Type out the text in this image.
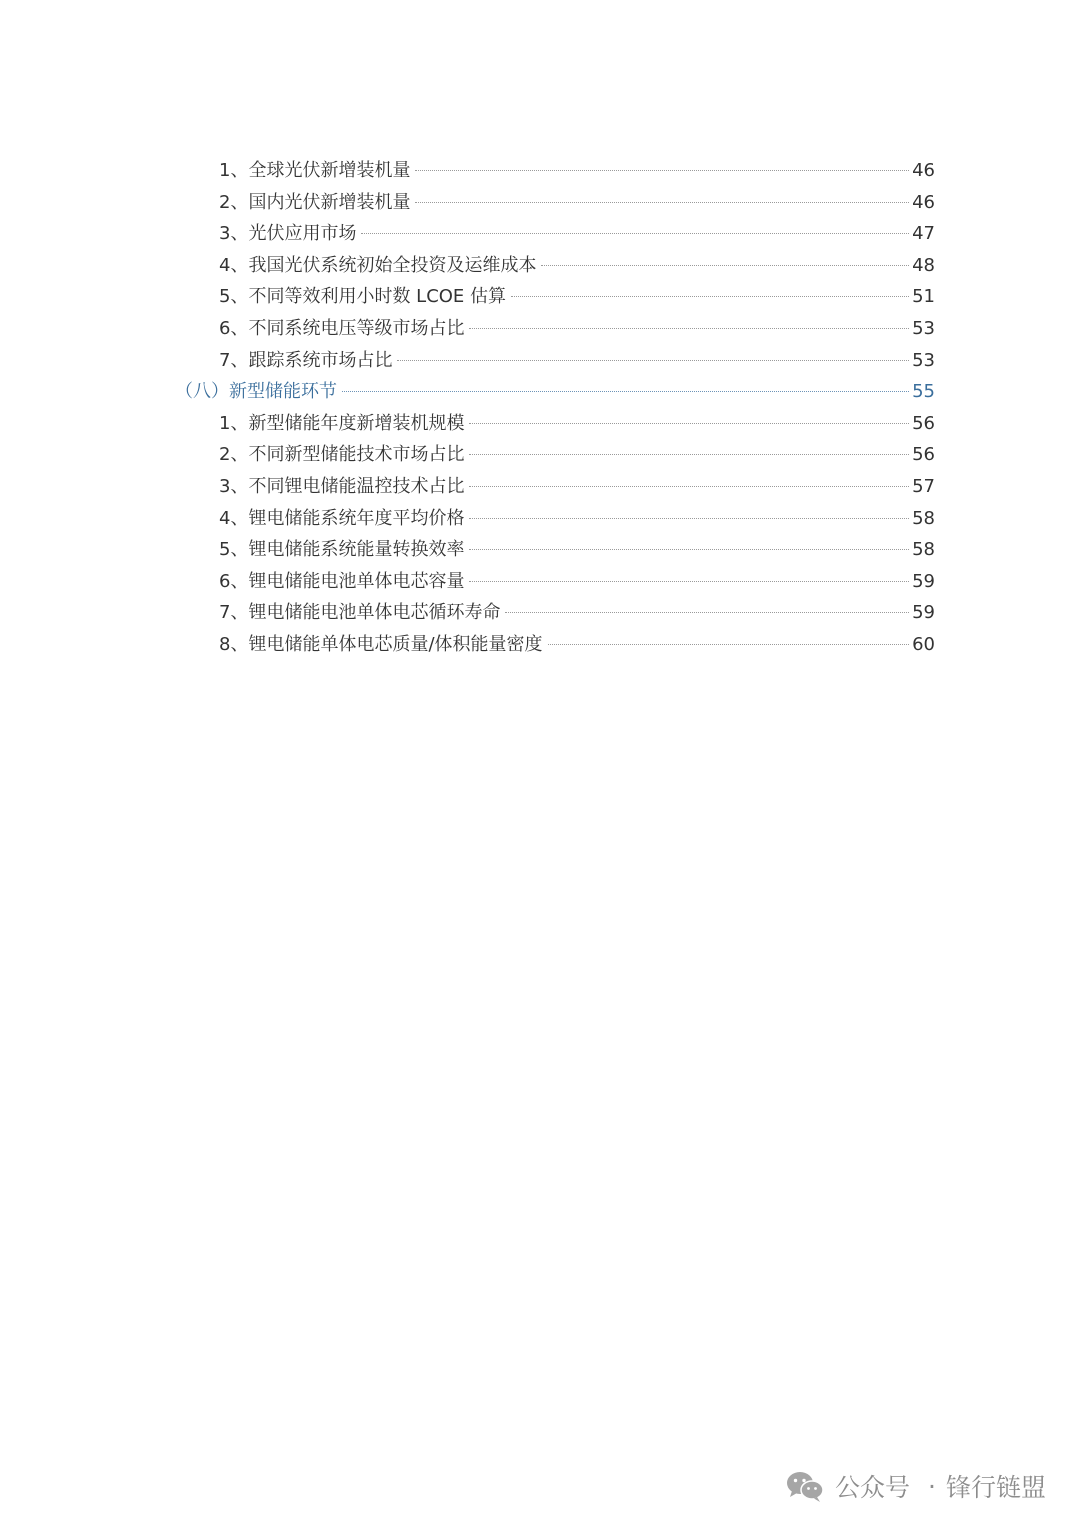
1、全球光伏新增装机量	46
2、国内光伏新增装机量	46
3、光伏应用市场	47
4、我国光伏系统初始全投资及运维成本	48
5、不同等效利用小时数 LCOE 估算	51
6、不同系统电压等级市场占比	53
7、跟踪系统市场占比	53
（八）新型储能环节	55
1、新型储能年度新增装机规模	56
2、不同新型储能技术市场占比	56
3、不同锂电储能温控技术占比	57
4、锂电储能系统年度平均价格	58
5、锂电储能系统能量转换效率	58
6、锂电储能电池单体电芯容量	59
7、锂电储能电池单体电芯循环寿命	59
8、锂电储能单体电芯质量/体积能量密度	60
公众号 · 锋行链盟
